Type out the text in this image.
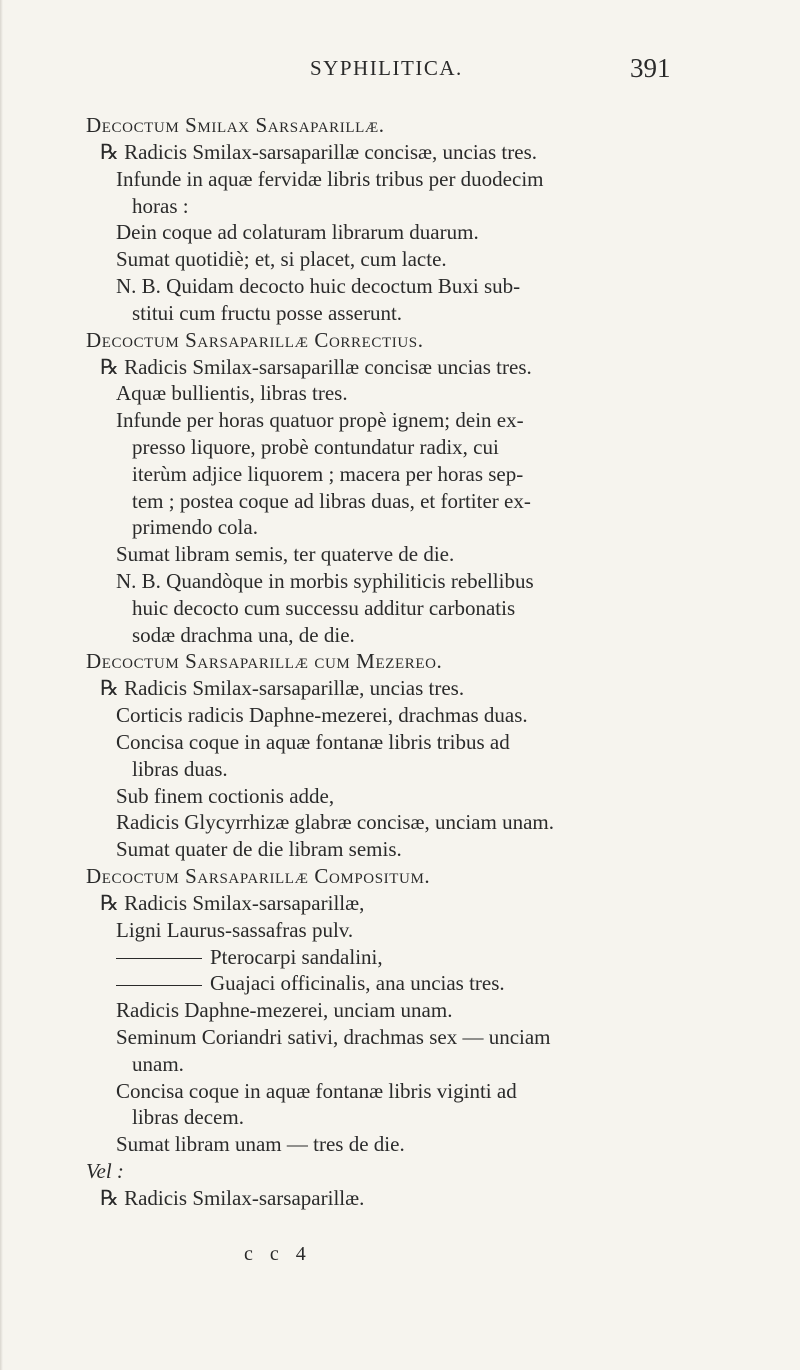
SYPHILITICA.	391
Decoctum Smilax Sarsaparillæ.
℞ Radicis Smilax-sarsaparillæ concisæ, uncias tres.
Infunde in aquæ fervidæ libris tribus per duodecim
horas :
Dein coque ad colaturam librarum duarum.
Sumat quotidiè; et, si placet, cum lacte.
N. B. Quidam decocto huic decoctum Buxi sub-
stitui cum fructu posse asserunt.
Decoctum Sarsaparillæ Correctius.
℞ Radicis Smilax-sarsaparillæ concisæ uncias tres.
Aquæ bullientis, libras tres.
Infunde per horas quatuor propè ignem; dein ex-
presso liquore, probè contundatur radix, cui
iterùm adjice liquorem ; macera per horas sep-
tem ; postea coque ad libras duas, et fortiter ex-
primendo cola.
Sumat libram semis, ter quaterve de die.
N. B. Quandòque in morbis syphiliticis rebellibus
huic decocto cum successu additur carbonatis
sodæ drachma una, de die.
Decoctum Sarsaparillæ cum Mezereo.
℞ Radicis Smilax-sarsaparillæ, uncias tres.
Corticis radicis Daphne-mezerei, drachmas duas.
Concisa coque in aquæ fontanæ libris tribus ad
libras duas.
Sub finem coctionis adde,
Radicis Glycyrrhizæ glabræ concisæ, unciam unam.
Sumat quater de die libram semis.
Decoctum Sarsaparillæ Compositum.
℞ Radicis Smilax-sarsaparillæ,
Ligni Laurus-sassafras pulv.
Pterocarpi sandalini,
Guajaci officinalis, ana uncias tres.
Radicis Daphne-mezerei, unciam unam.
Seminum Coriandri sativi, drachmas sex — unciam
unam.
Concisa coque in aquæ fontanæ libris viginti ad
libras decem.
Sumat libram unam — tres de die.
Vel :
℞ Radicis Smilax-sarsaparillæ.
c c 4
